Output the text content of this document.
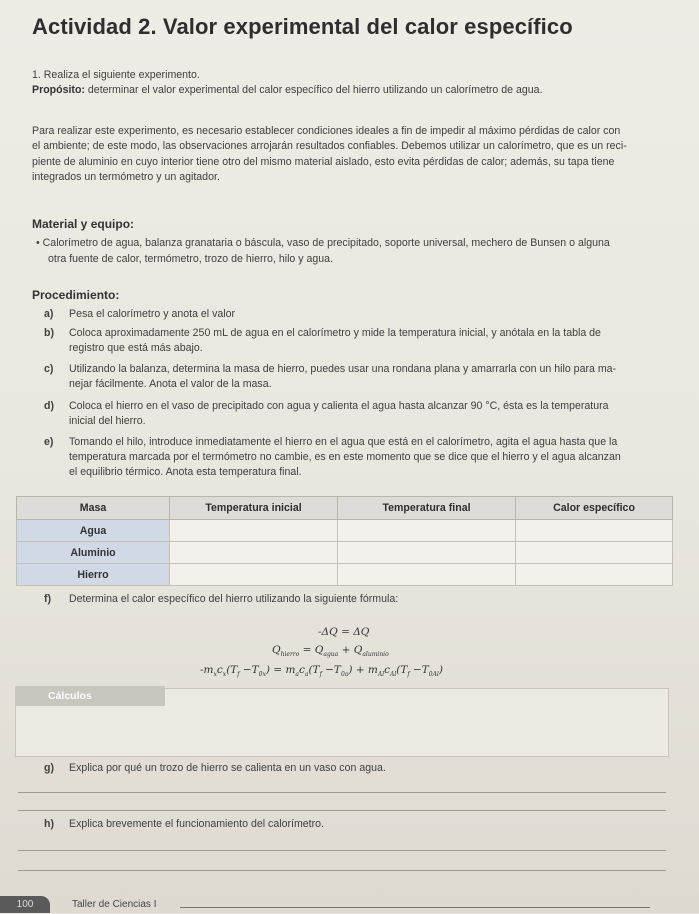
Actividad 2. Valor experimental del calor específico
1. Realiza el siguiente experimento.
Propósito: determinar el valor experimental del calor específico del hierro utilizando un calorímetro de agua.
Para realizar este experimento, es necesario establecer condiciones ideales a fin de impedir al máximo pérdidas de calor con
el ambiente; de este modo, las observaciones arrojarán resultados confiables. Debemos utilizar un calorímetro, que es un reci-
piente de aluminio en cuyo interior tiene otro del mismo material aislado, esto evita pérdidas de calor; además, su tapa tiene
integrados un termómetro y un agitador.
Material y equipo:
• Calorímetro de agua, balanza granataria o báscula, vaso de precipitado, soporte universal, mechero de Bunsen o alguna
otra fuente de calor, termómetro, trozo de hierro, hilo y agua.
Procedimiento:
a) Pesa el calorímetro y anota el valor
b) Coloca aproximadamente 250 mL de agua en el calorímetro y mide la temperatura inicial, y anótala en la tabla de
registro que está más abajo.
c) Utilizando la balanza, determina la masa de hierro, puedes usar una rondana plana y amarrarla con un hilo para ma-
nejar fácilmente. Anota el valor de la masa.
d) Coloca el hierro en el vaso de precipitado con agua y calienta el agua hasta alcanzar 90 °C, ésta es la temperatura
inicial del hierro.
e) Tomando el hilo, introduce inmediatamente el hierro en el agua que está en el calorímetro, agita el agua hasta que la
temperatura marcada por el termómetro no cambie, es en este momento que se dice que el hierro y el agua alcanzan
el equilibrio térmico. Anota esta temperatura final.
Masa	Temperatura inicial	Temperatura final	Calor específico
Agua			
Aluminio			
Hierro			
f) Determina el calor específico del hierro utilizando la siguiente fórmula:
-ΔQ = ΔQ
$Q_{hierro} = Q_{agua} + Q_{aluminio}$
$-m_xc_x(T_f -T_{0x}) = m_ac_a(T_f -T_{0a}) + m_{Al}c_{Al}(T_f -T_{0Al})$
Cálculos
g) Explica por qué un trozo de hierro se calienta en un vaso con agua.
h) Explica brevemente el funcionamiento del calorímetro.
100	Taller de Ciencias I
